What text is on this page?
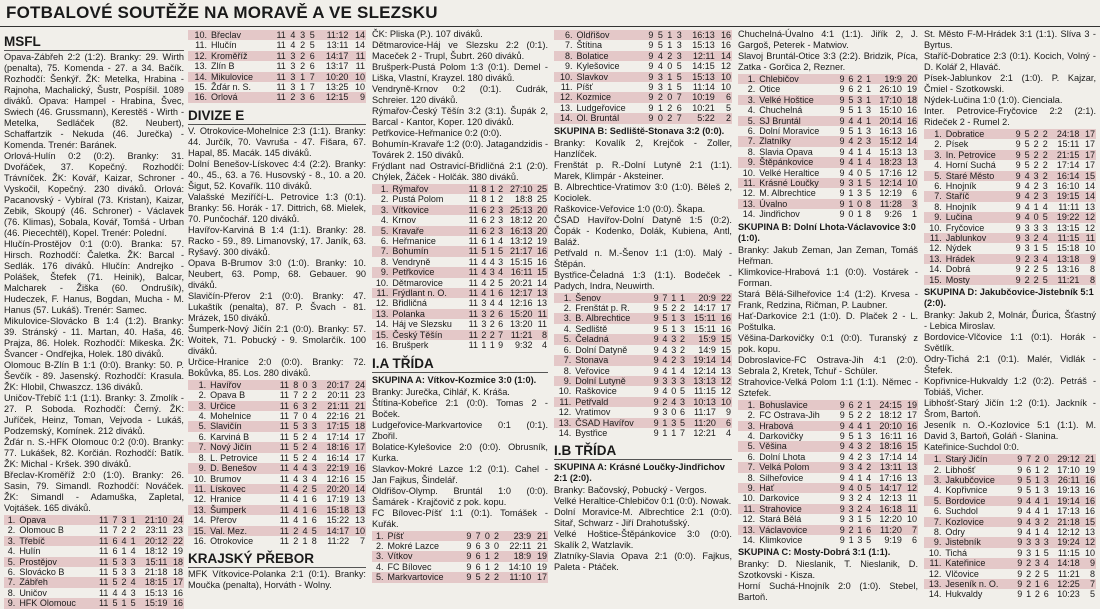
FOTBALOVÉ SOUTĚŽE NA MORAVĚ A VE SLEZSKU
MSFL

Opava-Zábřeh 2:2 (1:2). Branky: 29. Wirth (penalta), 75. Komenda - 27. a 34. Bačík. Rozhodčí: Šenkýř. ŽK: Metelka, Hrabina - Rajnoha, Machalický, Šustr, Pospíšil. 1089 diváků. Opava: Hampel - Hrabina, Švec, Swiech (46. Grussmann), Kerestěš - Wirth - Metelka, Sedláček (82. Neubert), Schaffartzik - Nekuda (46. Jurečka) - Komenda. Trenér: Baránek.

Orlová-Hulín 0:2 (0:2). Branky: 31. Dvořáček, 37. Kopečný. Rozhodčí: Trávníček. ŽK: Kovář, Kaizar, Schroner - Vyskočil, Kopečný. 230 diváků. Orlová: Pacanovský - Vybíral (73. Kristan), Kaizar, Zebik, Skoupý (46. Schroner) - Václavek (76. Klimas), Sobala, Kovář, Tomšá - Urban (46. Piecechtěl), Kopel. Trenér: Polední.

Hlučín-Prostějov 0:1 (0:0). Branka: 57. Hirsch. Rozhodčí: Čaletka. ŽK: Barcal - Sedlák. 176 diváků. Hlučín: Andrejko - Polášek, Štefek (71. Heinik), Balcar, Malcharek - Žiška (60. Ondrušík), Hudeczek, F. Hanus, Bogdan, Mucha - M. Hanus (57. Lukáš). Trenér: Samec.

Mikulovice-Slovácko B 1:4 (1:2). Branky: 39. Stránský - 11. Martan, 40. Haša, 46. Prajza, 86. Holek. Rozhodčí: Mikeska. ŽK: Švancer - Ondřejka, Holek. 180 diváků.

Olomouc B-Zlín B 1:1 (0:0). Branky: 50. P. Ševčík - 89. Jasenský. Rozhodčí: Krasula. ŽK: Hlobil, Chwaszcz. 136 diváků.

Uničov-Třebíč 1:1 (1:1). Branky: 3. Zmolík - 27. P. Soboda. Rozhodčí: Černý. ŽK: Juříček, Heinz, Toman, Vejvoda - Lukáš, Podzemský, Komínek. 212 diváků.

Žďár n. S.-HFK Olomouc 0:2 (0:0). Branky: 77. Lukášek, 82. Korčián. Rozhodčí: Batík. ŽK: Michal - Kršek. 390 diváků.

Břeclav-Kroměříž 2:0 (1:0). Branky: 26. Sasin, 79. Simandl. Rozhodčí: Nováček. ŽK: Simandl - Adamuška, Zapletal, Vojtášek. 165 diváků.

1.	Opava	11	7	3	1	21:10	24
2.	Olomouc B	11	7	2	2	23:11	23
3.	Třebíč	11	6	4	1	20:12	22
4.	Hulín	11	6	1	4	18:12	19
5.	Prostějov	11	5	3	3	15:11	18
6.	Slovácko B	11	5	3	3	21:18	18
7.	Zábřeh	11	5	2	4	18:15	17
8.	Uničov	11	4	4	3	15:13	16
9.	HFK Olomouc	11	5	1	5	15:19	16
10.	Břeclav	11	4	3	5	11:12	14
11.	Hlučín	11	4	2	5	13:11	14
12.	Kroměříž	11	3	2	6	14:17	11
13.	Zlín B	11	3	2	6	13:17	11
14.	Mikulovice	11	3	1	7	10:20	10
15.	Žďár n. S.	11	3	1	7	13:25	10
16.	Orlová	11	2	3	6	12:15	9
DIVIZE E

V. Otrokovice-Mohelnice 2:3 (1:1). Branky: 44. Jurčík, 70. Vavruša - 47. Fišara, 67. Hapal, 85. Macák. 145 diváků.

Dolní Benešov-Lískovec 4:4 (2:2). Branky: 40., 45., 63. a 76. Husovský - 8., 10. a 20. Šigut, 52. Kovařík. 110 diváků.

Valašské Meziříčí-L. Petrovice 1:3 (0:1). Branky: 56. Horák - 17. Dittrich, 68. Mielek, 70. Punčochář. 120 diváků.

Havířov-Karviná B 1:4 (1:1). Branky: 28. Racko - 59., 89. Limanovský, 17. Janík, 63. Ryšavý. 300 diváků.

Opava B-Brumov 3:0 (1:0). Branky: 10. Neubert, 63. Pomp, 68. Gebauer. 90 diváků.

Slavičín-Přerov 2:1 (0:0). Branky: 47. Lukaštík (penalta), 87. P. Švach - 81. Mrázek, 150 diváků.

Šumperk-Nový Jičín 2:1 (0:0). Branky: 57. Woitek, 71. Pobucký - 9. Smolarčík. 100 diváků.

Určice-Hranice 2:0 (0:0). Branky: 72. Bokůvka, 85. Los. 280 diváků.

1.	Havířov	11	8	0	3	20:17	24
2.	Opava B	11	7	2	2	20:11	23
3.	Určice	11	6	3	2	21:11	21
4.	Mohelnice	11	7	0	4	22:16	21
5.	Slavičín	11	5	3	3	17:15	18
6.	Karviná B	11	5	2	4	17:14	17
7.	Nový Jičín	11	5	2	4	18:16	17
8.	L. Petrovice	11	5	2	4	16:14	17
9.	D. Benešov	11	4	4	3	22:19	16
10.	Brumov	11	4	3	4	12:16	15
11.	Lískovec	11	4	2	5	20:20	14
12.	Hranice	11	4	1	6	17:19	13
13.	Šumperk	11	4	1	6	15:18	13
14.	Přerov	11	4	1	6	15:22	13
15.	Val. Mez.	11	2	4	5	14:17	10
16.	Otrokovice	11	2	1	8	11:22	7
KRAJSKÝ PŘEBOR

MFK Vítkovice-Polanka 2:1 (0:1). Branky: Moučka (penalta), Horváth - Wolny.

ČK: Pliska (P.). 107 diváků.

Dětmarovice-Háj ve Slezsku 2:2 (0:1). Maceček 2 - Trupl, Šubrt. 260 diváků.

Brušperk-Pustá Polom 1:3 (0:1). Demel - Liška, Vlastní, Krayzel. 180 diváků.

Vendryně-Krnov 0:2 (0:1). Cudrák, Schreier. 120 diváků.

Rýmařov-Český Těšín 3:2 (3:1). Šupák 2, Barcal - Kantor, Koper. 120 diváků.

Petřkovice-Heřmanice 0:2 (0:0).

Bohumín-Kravaře 1:2 (0:0). Jatagandzidis - Továrek 2. 150 diváků.

Frýdlant nad Ostravicí-Břidličná 2:1 (2:0). Chýlek, Žáček - Holčák. 380 diváků.

1.	Rýmařov	11	8	1	2	27:10	25
2.	Pustá Polom	11	8	1	2	18:8	25
3.	Vítkovice	11	6	2	3	25:13	20
4.	Krnov	11	6	2	3	18:12	20
5.	Kravaře	11	6	2	3	16:13	20
6.	Heřmanice	11	6	1	4	13:12	19
7.	Bohumín	11	5	1	5	21:17	16
8.	Vendryně	11	4	4	3	15:15	16
9.	Petřkovice	11	4	3	4	16:11	15
10.	Dětmarovice	11	4	2	5	20:21	14
11.	Frýdlant n. O.	11	4	1	6	12:17	13
12.	Břidličná	11	3	4	4	12:16	13
13.	Polanka	11	3	2	6	15:20	11
14.	Háj ve Slezsku	11	3	2	6	13:20	11
15.	Český Těšín	11	2	2	7	11:21	8
16.	Brušperk	11	1	1	9	9:32	4
I.A TŘÍDA
SKUPINA A: Vítkov-Kozmice 3:0 (1:0).

Branky: Jurečka, Cihlář, K. Kráša.

Štítina-Kobeřice 2:1 (0:0). Tomas 2 - Boček.

Ludgeřovice-Markvartovice 0:1 (0:1). Zbořil.

Bolatice-Kylešovice 2:0 (0:0). Obrusník, Kurka.

Slavkov-Mokré Lazce 1:2 (0:1). Cahel - Jan Fajkus, Šindelář.

Oldřišov-Olymp. Bruntál 1:0 (0:0). Šamárek - Krajčovič z pok. kopu.

FC Bílovec-Píšť 1:1 (0:1). Tomášek - Kuřák.

1.	Píšť	9	7	0	2	23:9	21
2.	Mokré Lazce	9	6	3	0	22:11	21
3.	Vítkov	9	6	1	2	18:9	19
4.	FC Bílovec	9	6	1	2	14:10	19
5.	Markvartovice	9	5	2	2	11:10	17
6.	Oldřišov	9	5	1	3	16:13	16
7.	Štítina	9	5	1	3	15:13	16
8.	Bolatice	9	4	2	3	12:11	14
9.	Kylešovice	9	4	0	5	14:15	12
10.	Slavkov	9	3	1	5	15:13	10
11.	Píšť	9	3	1	5	11:14	10
12.	Kozmice	9	2	0	7	10:19	6
13.	Ludgeřovice	9	1	2	6	10:21	5
14.	Ol. Bruntál	9	0	2	7	5:22	2
SKUPINA B: Sedliště-Stonava 3:2 (0:0).

Branky: Kovalík 2, Krejčok - Zoller, Hanzlíček.

Frenštát p. R.-Dolní Lutyně 2:1 (1:1). Marek, Klimpár - Aksteiner.

B. Albrechtice-Vratimov 3:0 (1:0). Běleš 2, Kociolek.

Raškovice-Veřovice 1:0 (0:0). Škapa.

ČSAD Havířov-Dolní Datyně 1:5 (0:2). Čopák - Kodenko, Dolák, Kubiena, Antl, Baláž.

Petřvald n. M.-Šenov 1:1 (1:0). Malý - Štěpán.

Bystřice-Čeladná 1:3 (1:1). Bodeček - Padych, Indra, Neuwirth.

1.	Šenov	9	7	1	1	20:9	22
2.	Frenštát p. R.	9	5	2	2	14:17	17
3.	B. Albrechtice	9	5	1	3	15:11	16
4.	Sedliště	9	5	1	3	15:11	16
5.	Čeladná	9	4	3	2	15:9	15
6.	Dolní Datyně	9	4	3	2	14:9	15
7.	Stonava	9	4	2	3	19:14	14
8.	Veřovice	9	4	1	4	12:14	13
9.	Dolní Lutyně	9	3	3	3	13:13	12
10.	Raškovice	9	4	0	5	11:15	12
11.	Petřvald	9	2	4	3	10:13	10
12.	Vratimov	9	3	0	6	11:17	9
13.	ČSAD Havířov	9	1	3	5	11:20	6
14.	Bystřice	9	1	1	7	12:21	4
I.B TŘÍDA
SKUPINA A: Krásné Loučky-Jindřichov 2:1 (2:0).

Branky: Bačovský, Pobucký - Vergos.

Velké Heraltice-Chlebičov 0:1 (0:0). Nowak.

Dolní Moravice-M. Albrechtice 2:1 (0:0). Sitař, Schwarz - Jiří Drahotušský.

Velké Hoštice-Štěpánkovice 3:0 (0:0). Skalík 2, Watzlavik.

Zlatníky-Slavia Opava 2:1 (0:0). Fajkus, Paleta - Ptáček.

Chuchelná-Úvalno 4:1 (1:1). Jiřík 2, J. Gargoš, Peterek - Matwiov.

Slavoj Bruntál-Otice 3:3 (2:2). Bridzik, Píca, Zatka - Gorčica 2, Rezner.

1.	Chlebičov	9	6	2	1	19:9	20
2.	Otice	9	6	2	1	26:10	19
3.	Velké Hoštice	9	5	3	1	17:10	18
4.	Chuchelná	9	5	1	3	15:10	16
5.	SJ Bruntál	9	4	4	1	20:14	16
6.	Dolní Moravice	9	5	1	3	16:13	16
7.	Zlatníky	9	4	2	3	15:12	14
8.	Slavia Opava	9	4	1	4	15:13	13
9.	Štěpánkovice	9	4	1	4	18:23	13
10.	Velké Heraltice	9	4	0	5	17:16	12
11.	Krásné Loučky	9	3	1	5	12:14	10
12.	M. Albrechtice	9	1	3	5	12:19	6
13.	Úvalno	9	1	0	8	11:28	3
14.	Jindřichov	9	0	1	8	9:26	1
SKUPINA B: Dolní Lhota-Václavovice 3:0 (1:0).

Branky: Jakub Zeman, Jan Zeman, Tomáš Heřman.

Klimkovice-Hrabová 1:1 (0:0). Vostárek - Forman.

Stará Bělá-Silheřovice 1:4 (1:2). Krvesa - Frank, Redzina, Ričman, P. Laubner.

Hať-Darkovice 2:1 (1:0). D. Plaček 2 - L. Poštulka.

Věšina-Darkovičky 0:1 (0:0). Turanský z pok. kopu.

Dobroslavice-FC Ostrava-Jih 4:1 (2:0). Sebrala 2, Kretek, Tchuř - Schüler.

Strahovice-Velká Polom 1:1 (1:1). Němec - Sztefek.

1.	Bohuslavice	9	6	2	1	24:15	19
2.	FC Ostrava-Jih	9	5	2	2	18:12	17
3.	Hrabová	9	4	4	1	20:10	16
4.	Darkovičky	9	5	1	3	16:11	16
5.	Věšina	9	4	3	2	18:16	15
6.	Dolní Lhota	9	4	2	3	17:14	14
7.	Velká Polom	9	3	4	2	13:11	13
8.	Silheřovice	9	4	1	4	17:16	13
9.	Hať	9	4	0	5	14:17	12
10.	Darkovice	9	3	2	4	12:13	11
11.	Strahovice	9	3	2	4	16:18	11
12.	Stará Bělá	9	3	1	5	12:20	10
13.	Václavovice	9	2	1	6	11:20	7
14.	Klimkovice	9	1	3	5	9:19	6
SKUPINA C: Mosty-Dobrá 3:1 (1:1).

Branky: D. Nieslanik, T. Nieslanik, D. Szotkovski - Kisza.

Horní Suchá-Hnojník 2:0 (1:0). Stebel, Bartoň.

St. Město F-M-Hrádek 3:1 (1:1). Slíva 3 - Byrtus.

Staříč-Dobratice 2:3 (0:1). Kocich, Volný - D. Kolář 2, Hlaváč.

Písek-Jablunkov 2:1 (1:0). P. Kajzar, Čmiel - Szotkowski.

Nýdek-Lučina 1:0 (1:0). Cienciala.

Inter. Petrovice-Fryčovice 2:2 (2:1). Rideček 2 - Rumel 2.

1.	Dobratice	9	5	2	2	24:18	17
2.	Písek	9	5	2	2	15:11	17
3.	In. Petrovice	9	5	2	2	21:15	17
4.	Horní Suchá	9	5	2	2	17:14	17
5.	Staré Město	9	4	3	2	16:14	15
6.	Hnojník	9	4	2	3	16:10	14
7.	Staříč	9	4	2	3	19:15	14
8.	Hnojník	9	4	1	4	11:11	13
9.	Lučina	9	4	0	5	19:22	12
10.	Fryčovice	9	3	3	3	13:15	12
11.	Jablunkov	9	3	2	4	11:15	11
12.	Nýdek	9	3	1	5	15:18	10
13.	Hrádek	9	2	3	4	13:18	9
14.	Dobrá	9	2	2	5	13:16	8
15.	Mosty	9	2	2	5	11:21	8
SKUPINA D: Jakubčovice-Jistebník 5:1 (2:0).

Branky: Jakub 2, Molnár, Ďurica, Šťastný - Lebica Miroslav.

Bordovice-Vlčovice 1:1 (0:1). Horák - Světlík.

Odry-Tichá 2:1 (0:1). Malér, Vidlák - Štefek.

Kopřivnice-Hukvaldy 1:2 (0:2). Petráš - Tobiáš, Vicher.

Libhošť-Starý Jičín 1:2 (0:1). Jackník - Šrom, Bartoň.

Jeseník n. O.-Kozlovice 5:1 (1:1). M. David 3, Bartoň, Goláň - Slanina.

Kateřinice-Suchdol 0:0.

1.	Starý Jičín	9	7	2	0	29:12	21
2.	Libhošť	9	6	1	2	17:10	19
3.	Jakubčovice	9	5	1	3	26:11	16
4.	Kopřivnice	9	5	1	3	19:13	16
5.	Bordovice	9	4	4	1	19:14	16
6.	Suchdol	9	4	4	1	17:13	16
7.	Kozlovice	9	4	3	2	21:18	15
8.	Odry	9	4	1	4	12:12	13
9.	Jistebník	9	3	3	3	19:24	12
10.	Tichá	9	3	1	5	11:15	10
11.	Kateřinice	9	2	3	4	14:18	9
12.	Vlčovice	9	2	2	5	11:21	8
13.	Jeseník n. O.	9	2	1	6	12:25	7
14.	Hukvaldy	9	1	2	6	10:23	5
